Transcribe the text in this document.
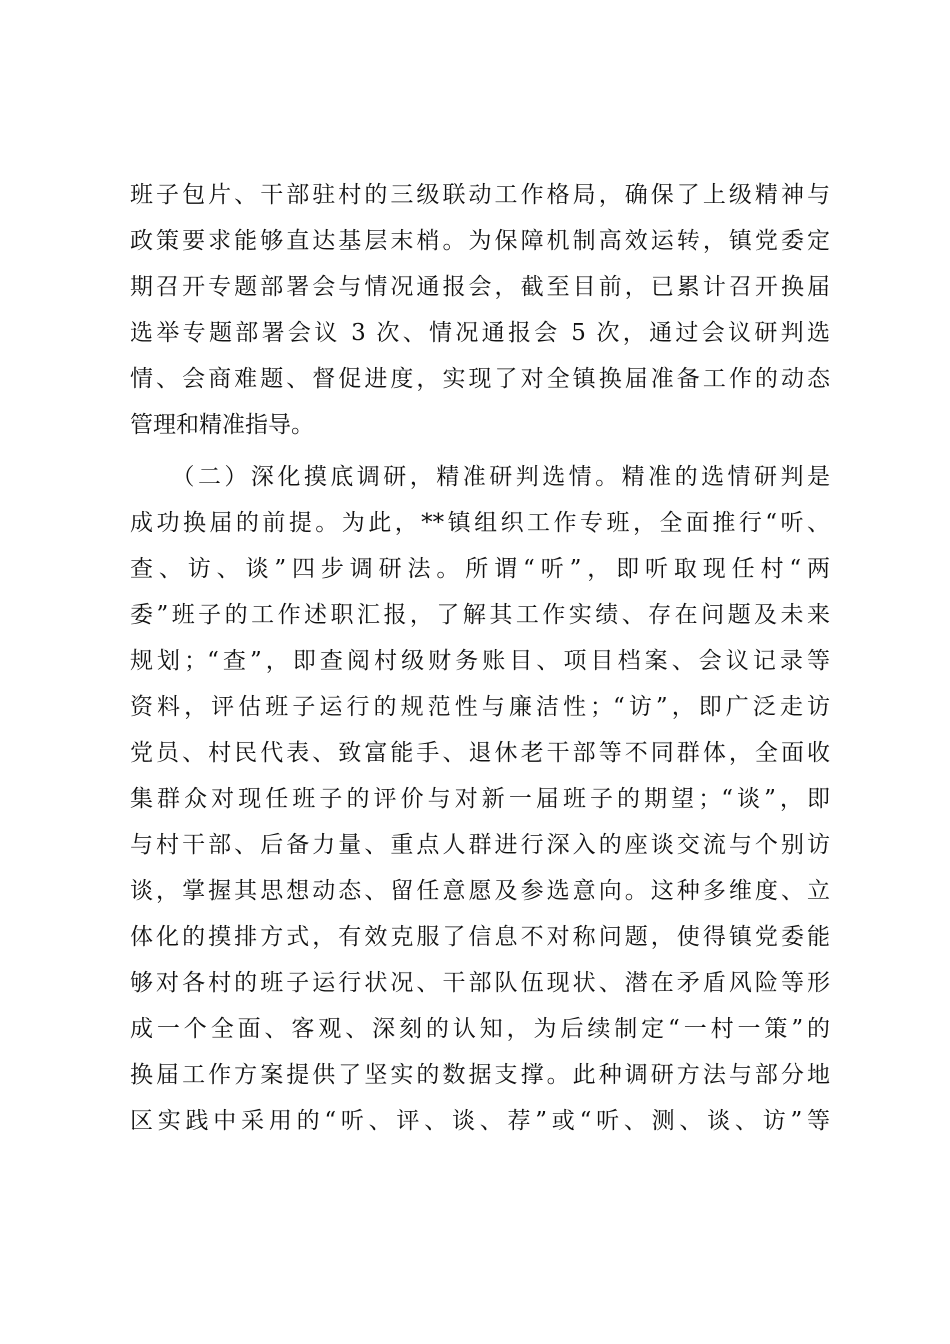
班子包片、干部驻村的三级联动工作格局，确保了上级精神与
政策要求能够直达基层末梢。为保障机制高效运转，镇党委定
期召开专题部署会与情况通报会，截至目前，已累计召开换届
选举专题部署会议 3 次、情况通报会 5 次，通过会议研判选
情、会商难题、督促进度，实现了对全镇换届准备工作的动态
管理和精准指导。
　　（二）深化摸底调研，精准研判选情。精准的选情研判是
成功换届的前提。为此，**镇组织工作专班，全面推行“听、
查、访、谈”四步调研法。所谓“听”，即听取现任村“两
委”班子的工作述职汇报，了解其工作实绩、存在问题及未来
规划；“查”，即查阅村级财务账目、项目档案、会议记录等
资料，评估班子运行的规范性与廉洁性；“访”，即广泛走访
党员、村民代表、致富能手、退休老干部等不同群体，全面收
集群众对现任班子的评价与对新一届班子的期望；“谈”，即
与村干部、后备力量、重点人群进行深入的座谈交流与个别访
谈，掌握其思想动态、留任意愿及参选意向。这种多维度、立
体化的摸排方式，有效克服了信息不对称问题，使得镇党委能
够对各村的班子运行状况、干部队伍现状、潜在矛盾风险等形
成一个全面、客观、深刻的认知，为后续制定“一村一策”的
换届工作方案提供了坚实的数据支撑。此种调研方法与部分地
区实践中采用的“听、评、谈、荐”或“听、测、谈、访”等
